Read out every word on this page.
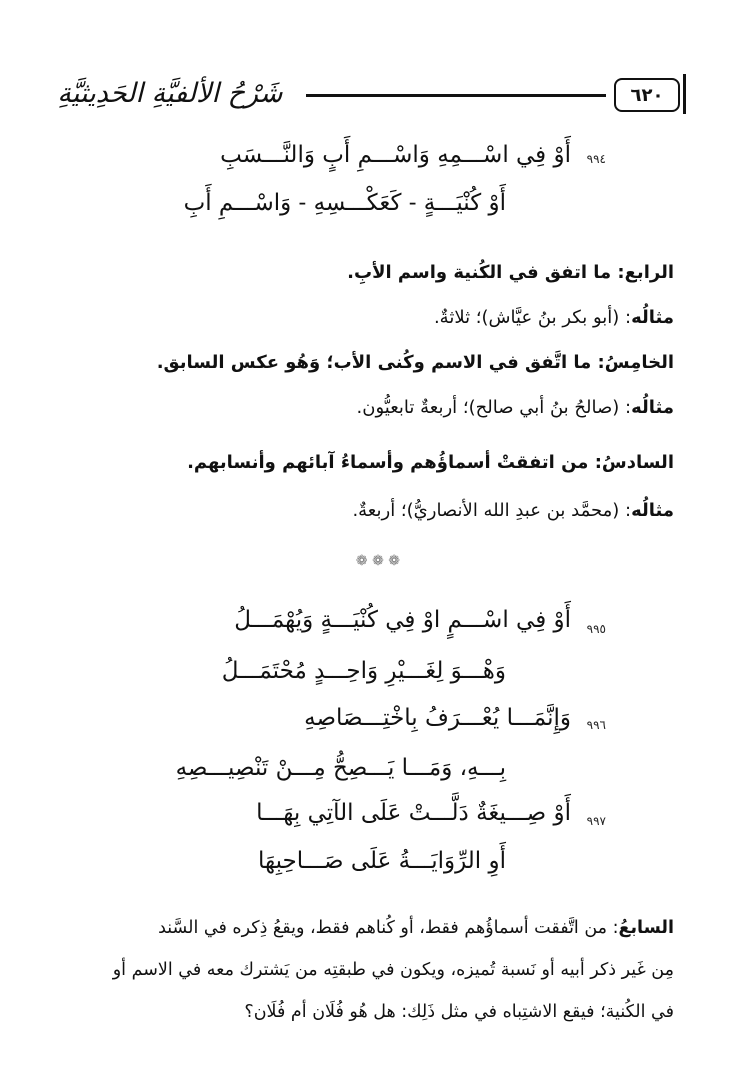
٦٢٠
شَرْحُ الألفيَّةِ الحَدِيثيَّةِ
٩٩٤
أَوْ فِي اسْـــمِهِ وَاسْـــمِ أَبٍ وَالنَّـــسَبِ
أَوْ كُنْيَـــةٍ - كَعَكْـــسِهِ - وَاسْـــمِ أَبِ
الرابع: ما اتفق في الكُنية واسم الأبِ.
مثالُه: (أبو بكر بنُ عيَّاش)؛ ثلاثةٌ.
الخامِسُ: ما اتَّفق في الاسم وكُنى الأب؛ وَهُو عكس السابق.
مثالُه: (صالحُ بنُ أبي صالح)؛ أربعةٌ تابعيُّون.
السادسُ: من اتفقتْ أسماؤُهم وأسماءُ آبائهم وأنسابهم.
مثالُه: (محمَّد بن عبدِ الله الأنصاريُّ)؛ أربعةٌ.
❁ ❁ ❁
٩٩٥
أَوْ فِي اسْـــمٍ اوْ فِي كُنْيَـــةٍ وَيُهْمَـــلُ
وَهْـــوَ لِغَـــيْرِ وَاحِـــدٍ مُحْتَمَـــلُ
٩٩٦
وَإِنَّمَـــا يُعْـــرَفُ بِاخْتِـــصَاصِهِ
بِـــهِ، وَمَـــا يَـــصِحُّ مِـــنْ تَنْصِيـــصِهِ
٩٩٧
أَوْ صِـــيغَةٌ دَلَّـــتْ عَلَى الآتِي بِهَـــا
أَوِ الرِّوَايَـــةُ عَلَى صَـــاحِبِهَا
السابعُ: من اتَّفقت أسماؤُهم فقط، أو كُناهم فقط، ويقعُ ذِكره في السَّند
مِن غَير ذكر أبيه أو نَسبة تُميزه، ويكون في طبقتِه من يَشترك معه في الاسم أو
في الكُنية؛ فيقع الاشتِباه في مثل ذَلِك: هل هُو فُلَان أم فُلَان؟
